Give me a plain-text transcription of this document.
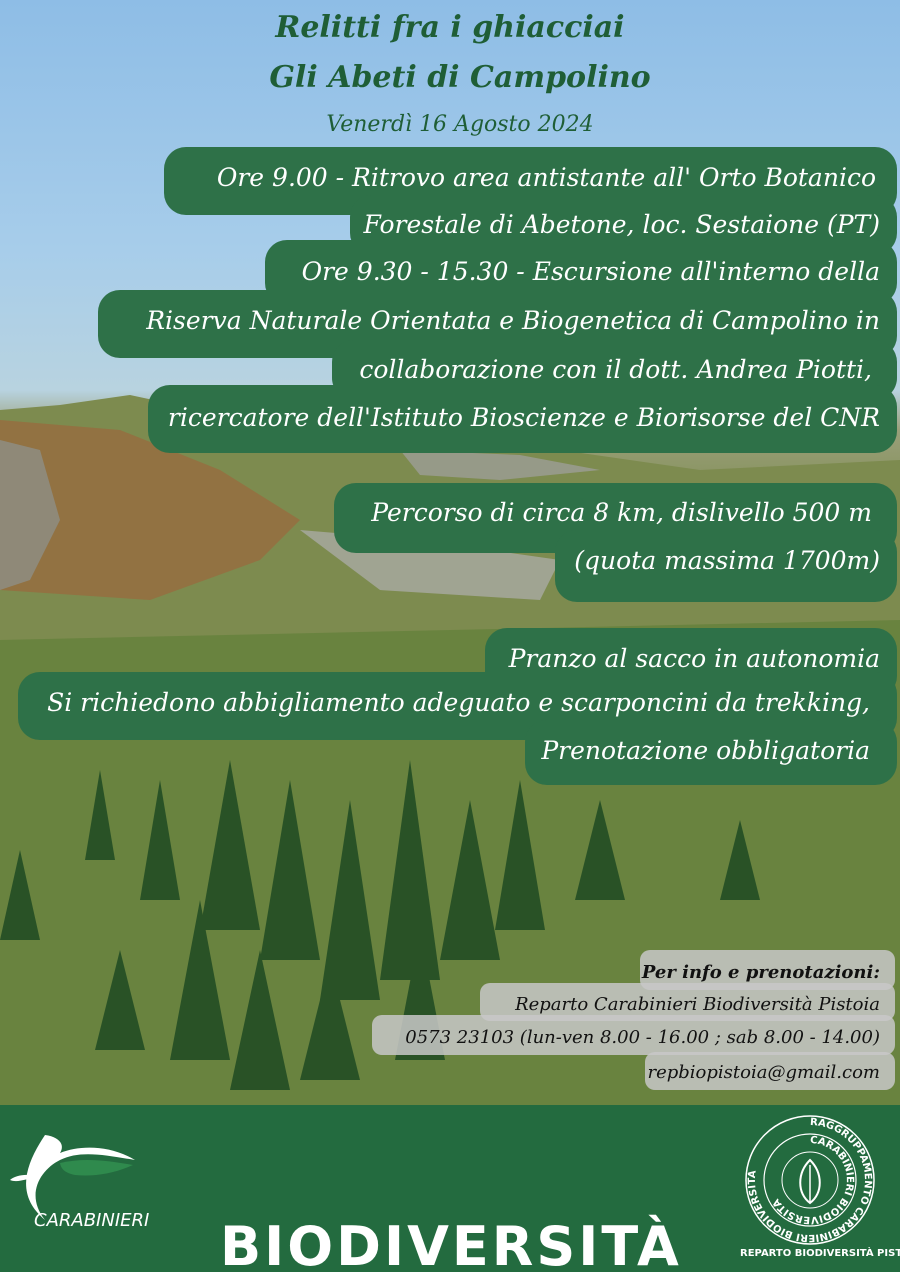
Relitti fra i ghiacciai
Gli Abeti di Campolino
Venerdì 16 Agosto 2024
Ore 9.00 - Ritrovo area antistante all' Orto Botanico
Forestale di Abetone, loc. Sestaione (PT)
Ore 9.30 - 15.30 - Escursione all'interno della
Riserva Naturale Orientata e Biogenetica di Campolino in
collaborazione con il dott. Andrea Piotti,
ricercatore dell'Istituto Bioscienze e Biorisorse del CNR
Percorso di circa 8 km, dislivello 500 m
(quota massima 1700m)
Pranzo al sacco in autonomia
Si richiedono abbigliamento adeguato e scarponcini da trekking,
Prenotazione obbligatoria
Per info e prenotazioni:
Reparto Carabinieri Biodiversità Pistoia
0573 23103 (lun-ven 8.00 - 16.00 ; sab 8.00 - 14.00)
repbiopistoia@gmail.com
CARABINIERI BIODIVERSITÀ
RAGGRUPPAMENTO CARABINIERI BIODIVERSITÀ
CARABINIERI BIODIVERSITÀ
REPARTO BIODIVERSITÀ PISTOIA
